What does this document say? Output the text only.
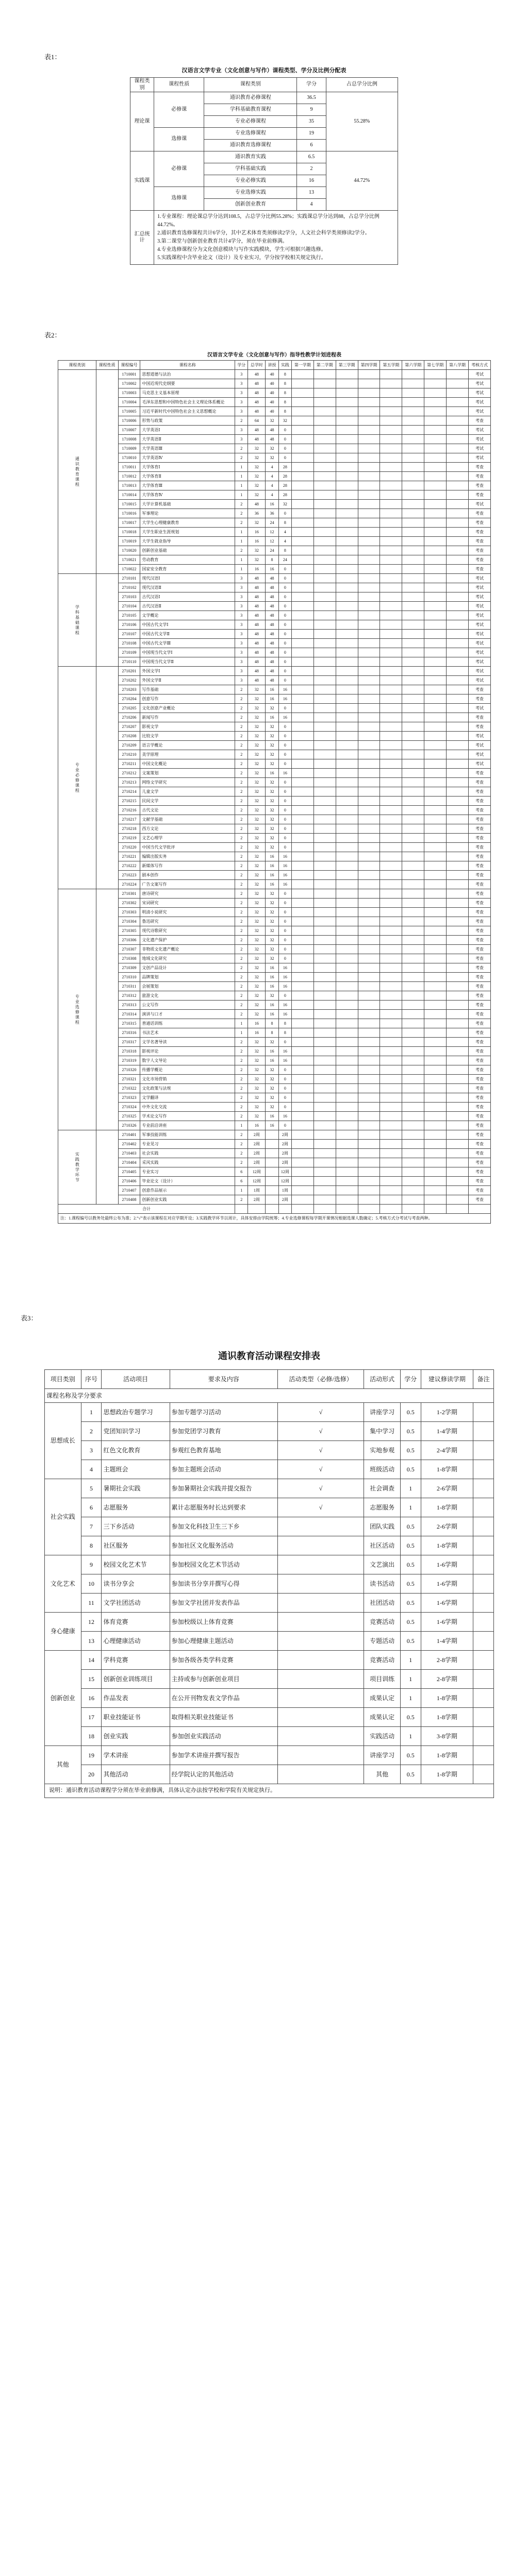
表1：
汉语言文学专业（文化创意与写作）课程类型、学分及比例分配表
课程类别	课程性质	课程类别	学分	占总学分比例
理论课	必修课	通识教育必修课程	36.5	55.28%
		学科基础教育课程	9	
		专业必修课程	35	
	选修课	专业选修课程	19	
		通识教育选修课程	6	
实践课	必修课	通识教育实践	6.5	44.72%
		学科基础实践	2	
		专业必修实践	16	
	选修课	专业选修实践	13	
		创新创业教育	4	
汇总统计	1.专业课程：理论课总学分达到108.5，占总学分比例55.28%；实践课总学分达到88，占总学分比例44.72%。
2.通识教育选修课程共计6学分，其中艺术体育类须修读2学分，人文社会科学类须修读2学分。
3.第二课堂与创新创业教育共计4学分，须在毕业前修满。
4.专业选修课程分为文化创意模块与写作实践模块，学生可根据兴趣选修。
5.实践课程中含毕业论文（设计）及专业实习，学分按学校相关规定执行。			
表2：
汉语言文学专业（文化创意与写作）指导性教学计划进程表
课程类别	课程性质	课程编号	课程名称	学分	总学时	讲授	实践	第一学期	第二学期	第三学期	第四学期	第五学期	第六学期	第七学期	第八学期	考核方式
通识教育课程		1710001	思想道德与法治	3	48	40	8									考试
		1710002	中国近现代史纲要	3	48	40	8									考试
		1710003	马克思主义基本原理	3	48	40	8									考试
		1710004	毛泽东思想和中国特色社会主义理论体系概论	3	48	40	8									考试
		1710005	习近平新时代中国特色社会主义思想概论	3	48	40	8									考试
		1710006	形势与政策	2	64	32	32									考查
		1710007	大学英语Ⅰ	3	48	48	0									考试
		1710008	大学英语Ⅱ	3	48	48	0									考试
		1710009	大学英语Ⅲ	2	32	32	0									考试
		1710010	大学英语Ⅳ	2	32	32	0									考试
		1710011	大学体育Ⅰ	1	32	4	28									考查
		1710012	大学体育Ⅱ	1	32	4	28									考查
		1710013	大学体育Ⅲ	1	32	4	28									考查
		1710014	大学体育Ⅳ	1	32	4	28									考查
		1710015	大学计算机基础	2	48	16	32									考试
		1710016	军事理论	2	36	36	0									考查
		1710017	大学生心理健康教育	2	32	24	8									考查
		1710018	大学生职业生涯规划	1	16	12	4									考查
		1710019	大学生就业指导	1	16	12	4									考查
		1710020	创新创业基础	2	32	24	8									考查
		1710021	劳动教育	1	32	8	24									考查
		1710022	国家安全教育	1	16	16	0									考查
学科基础课程		2710101	现代汉语Ⅰ	3	48	48	0									考试
		2710102	现代汉语Ⅱ	3	48	48	0									考试
		2710103	古代汉语Ⅰ	3	48	48	0									考试
		2710104	古代汉语Ⅱ	3	48	48	0									考试
		2710105	文学概论	3	48	48	0									考试
		2710106	中国古代文学Ⅰ	3	48	48	0									考试
		2710107	中国古代文学Ⅱ	3	48	48	0									考试
		2710108	中国古代文学Ⅲ	3	48	48	0									考试
		2710109	中国现当代文学Ⅰ	3	48	48	0									考试
		2710110	中国现当代文学Ⅱ	3	48	48	0									考试
专业必修课程		2710201	外国文学Ⅰ	3	48	48	0									考试
		2710202	外国文学Ⅱ	3	48	48	0									考试
		2710203	写作基础	2	32	16	16									考查
		2710204	创意写作	2	32	16	16									考查
		2710205	文化创意产业概论	2	32	32	0									考试
		2710206	新闻写作	2	32	16	16									考查
		2710207	影视文学	2	32	32	0									考查
		2710208	比较文学	2	32	32	0									考试
		2710209	语言学概论	2	32	32	0									考试
		2710210	美学原理	2	32	32	0									考试
		2710211	中国文化概论	2	32	32	0									考试
		2710212	文案策划	2	32	16	16									考查
		2710213	网络文学研究	2	32	32	0									考查
		2710214	儿童文学	2	32	32	0									考查
		2710215	民间文学	2	32	32	0									考查
		2710216	古代文论	2	32	32	0									考查
		2710217	文献学基础	2	32	32	0									考查
		2710218	西方文论	2	32	32	0									考查
		2710219	文艺心理学	2	32	32	0									考查
		2710220	中国当代文学批评	2	32	32	0									考查
		2710221	编辑出版实务	2	32	16	16									考查
		2710222	新媒体写作	2	32	16	16									考查
		2710223	剧本创作	2	32	16	16									考查
		2710224	广告文案写作	2	32	16	16									考查
专业选修课程		2710301	唐诗研究	2	32	32	0									考查
		2710302	宋词研究	2	32	32	0									考查
		2710303	明清小说研究	2	32	32	0									考查
		2710304	鲁迅研究	2	32	32	0									考查
		2710305	现代诗歌研究	2	32	32	0									考查
		2710306	文化遗产保护	2	32	32	0									考查
		2710307	非物质文化遗产概论	2	32	32	0									考查
		2710308	地域文化研究	2	32	32	0									考查
		2710309	文创产品设计	2	32	16	16									考查
		2710310	品牌策划	2	32	16	16									考查
		2710311	会展策划	2	32	16	16									考查
		2710312	旅游文化	2	32	32	0									考查
		2710313	公文写作	2	32	16	16									考查
		2710314	演讲与口才	2	32	16	16									考查
		2710315	普通话训练	1	16	8	8									考查
		2710316	书法艺术	1	16	8	8									考查
		2710317	文学名著导读	2	32	32	0									考查
		2710318	影视评论	2	32	16	16									考查
		2710319	数字人文导论	2	32	16	16									考查
		2710320	传播学概论	2	32	32	0									考查
		2710321	文化市场营销	2	32	32	0									考查
		2710322	文化政策与法规	2	32	32	0									考查
		2710323	文学翻译	2	32	32	0									考查
		2710324	中外文化交流	2	32	32	0									考查
		2710325	学术论文写作	2	32	16	16									考查
		2710326	专业前沿讲座	1	16	16	0									考查
实践教学环节		2710401	军事技能训练	2	2周		2周									考查
		2710402	专业见习	2	2周		2周									考查
		2710403	社会实践	2	2周		2周									考查
		2710404	采风实践	2	2周		2周									考查
		2710405	专业实习	6	12周		12周									考查
		2710406	毕业论文（设计）	6	12周		12周									考查
		2710407	创意作品展示	1	1周		1周									考查
		2710408	创新创业实践	2	2周		2周									考查
合计																
注：1.课程编号以教务处最终公布为准；2.“√”表示该课程在对应学期开设；3.实践教学环节以周计，具体安排由学院统筹；4.专业选修课程每学期开课情况根据选课人数确定；5.考核方式分考试与考查两种。																
表3：
通识教育活动课程安排表
项目类别	序号	活动项目	要求及内容	活动类型（必修/选修）	活动形式	学分	建议修读学期	备注
课程名称及学分要求								
思想成长	1	思想政治专题学习	参加专题学习活动	√	讲座学习	0.5	1-2学期	
	2	党团知识学习	参加党团学习教育	√	集中学习	0.5	1-4学期	
	3	红色文化教育	参观红色教育基地	√	实地参观	0.5	2-4学期	
	4	主题班会	参加主题班会活动	√	班级活动	0.5	1-8学期	
社会实践	5	暑期社会实践	参加暑期社会实践并提交报告	√	社会调查	1	2-6学期	
	6	志愿服务	累计志愿服务时长达到要求	√	志愿服务	1	1-8学期	
	7	三下乡活动	参加文化科技卫生三下乡		团队实践	0.5	2-6学期	
	8	社区服务	参加社区文化服务活动		社区活动	0.5	1-8学期	
文化艺术	9	校园文化艺术节	参加校园文化艺术节活动		文艺演出	0.5	1-6学期	
	10	读书分享会	参加读书分享并撰写心得		读书活动	0.5	1-6学期	
	11	文学社团活动	参加文学社团并发表作品		社团活动	0.5	1-6学期	
身心健康	12	体育竞赛	参加校级以上体育竞赛		竞赛活动	0.5	1-6学期	
	13	心理健康活动	参加心理健康主题活动		专题活动	0.5	1-4学期	
创新创业	14	学科竞赛	参加各级各类学科竞赛		竞赛活动	1	2-8学期	
	15	创新创业训练项目	主持或参与创新创业项目		项目训练	1	2-8学期	
	16	作品发表	在公开刊物发表文学作品		成果认定	1	1-8学期	
	17	职业技能证书	取得相关职业技能证书		成果认定	0.5	1-8学期	
	18	创业实践	参加创业实践活动		实践活动	1	3-8学期	
其他	19	学术讲座	参加学术讲座并撰写报告		讲座学习	0.5	1-8学期	
	20	其他活动	经学院认定的其他活动		其他	0.5	1-8学期	
说明：通识教育活动课程学分须在毕业前修满，具体认定办法按学校和学院有关规定执行。								
